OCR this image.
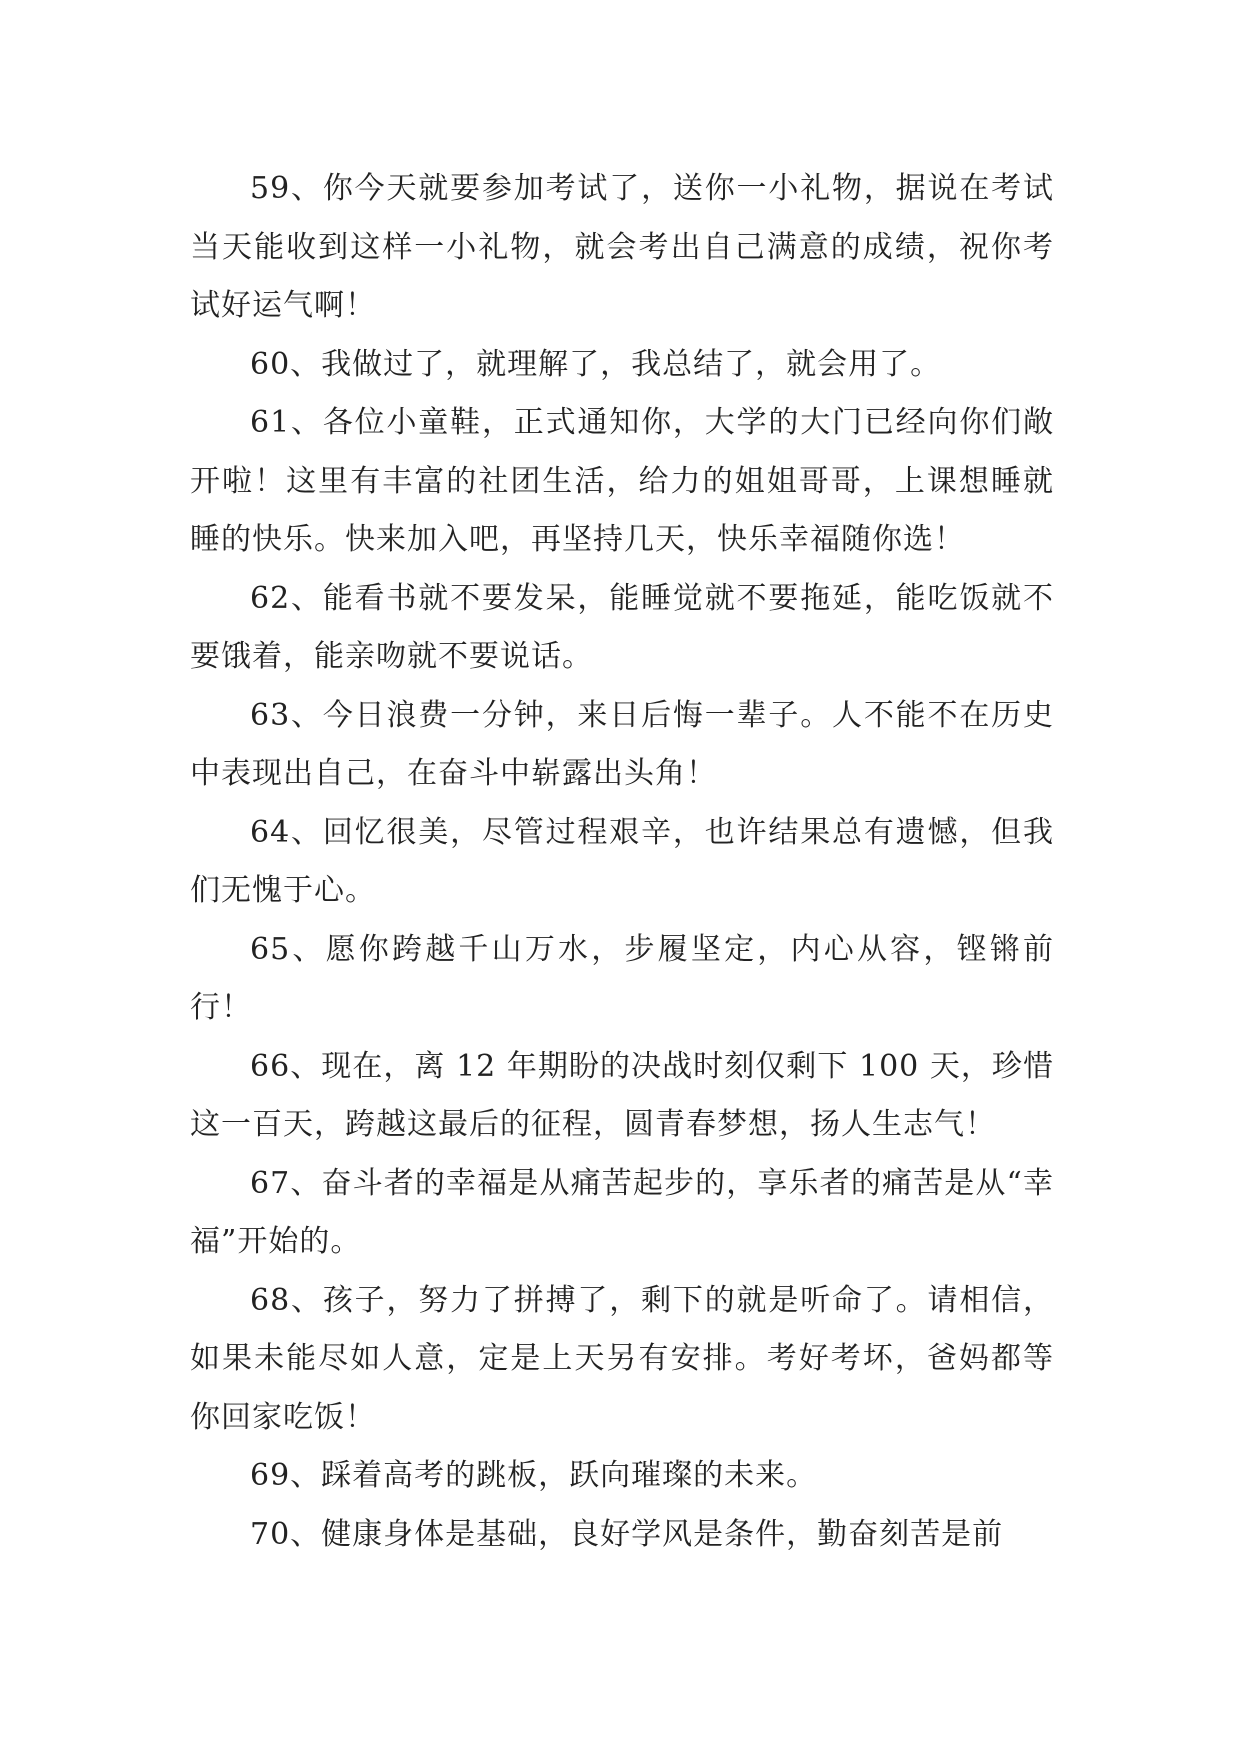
59、你今天就要参加考试了，送你一小礼物，据说在考试当天能收到这样一小礼物，就会考出自己满意的成绩，祝你考试好运气啊！

60、我做过了，就理解了，我总结了，就会用了。

61、各位小童鞋，正式通知你，大学的大门已经向你们敞开啦！这里有丰富的社团生活，给力的姐姐哥哥，上课想睡就睡的快乐。快来加入吧，再坚持几天，快乐幸福随你选！

62、能看书就不要发呆，能睡觉就不要拖延，能吃饭就不要饿着，能亲吻就不要说话。

63、今日浪费一分钟，来日后悔一辈子。人不能不在历史中表现出自己，在奋斗中崭露出头角！

64、回忆很美，尽管过程艰辛，也许结果总有遗憾，但我们无愧于心。

65、愿你跨越千山万水，步履坚定，内心从容，铿锵前行！

66、现在，离 12 年期盼的决战时刻仅剩下 100 天，珍惜这一百天，跨越这最后的征程，圆青春梦想，扬人生志气！

67、奋斗者的幸福是从痛苦起步的，享乐者的痛苦是从“幸福”开始的。

68、孩子，努力了拼搏了，剩下的就是听命了。请相信，如果未能尽如人意，定是上天另有安排。考好考坏，爸妈都等你回家吃饭！

69、踩着高考的跳板，跃向璀璨的未来。

70、健康身体是基础，良好学风是条件，勤奋刻苦是前
